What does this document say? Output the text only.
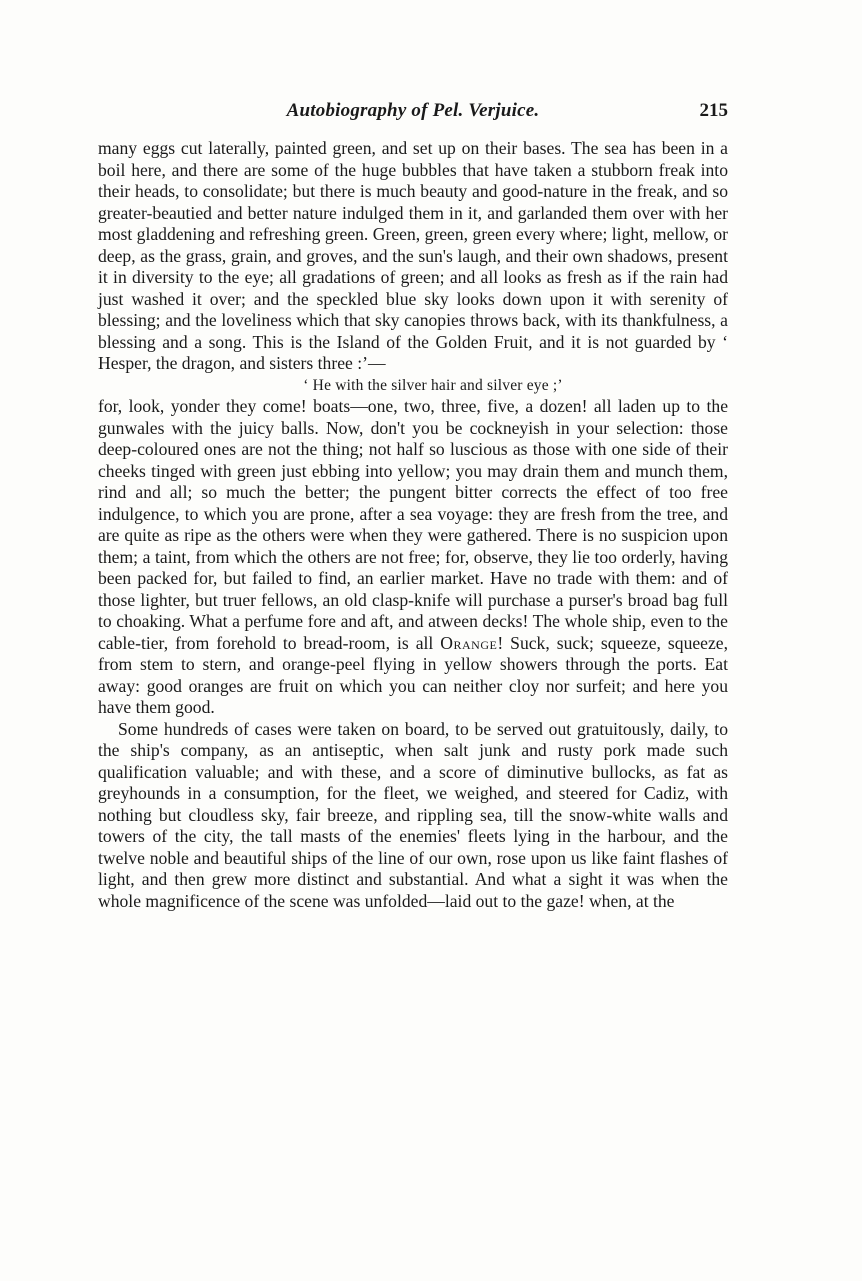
Autobiography of Pel. Verjuice.	215

many eggs cut laterally, painted green, and set up on their bases. The sea has been in a boil here, and there are some of the huge bubbles that have taken a stubborn freak into their heads, to consolidate; but there is much beauty and good-nature in the freak, and so greater-beautied and better nature indulged them in it, and garlanded them over with her most gladdening and refreshing green. Green, green, green every where; light, mellow, or deep, as the grass, grain, and groves, and the sun's laugh, and their own shadows, present it in diversity to the eye; all gradations of green; and all looks as fresh as if the rain had just washed it over; and the speckled blue sky looks down upon it with serenity of blessing; and the loveliness which that sky canopies throws back, with its thankfulness, a blessing and a song. This is the Island of the Golden Fruit, and it is not guarded by ‘ Hesper, the dragon, and sisters three :’—

‘ He with the silver hair and silver eye ;’

for, look, yonder they come! boats—one, two, three, five, a dozen! all laden up to the gunwales with the juicy balls. Now, don't you be cockneyish in your selection: those deep-coloured ones are not the thing; not half so luscious as those with one side of their cheeks tinged with green just ebbing into yellow; you may drain them and munch them, rind and all; so much the better; the pungent bitter corrects the effect of too free indulgence, to which you are prone, after a sea voyage: they are fresh from the tree, and are quite as ripe as the others were when they were gathered. There is no suspicion upon them; a taint, from which the others are not free; for, observe, they lie too orderly, having been packed for, but failed to find, an earlier market. Have no trade with them: and of those lighter, but truer fellows, an old clasp-knife will purchase a purser's broad bag full to choaking. What a perfume fore and aft, and atween decks! The whole ship, even to the cable-tier, from forehold to bread-room, is all Orange! Suck, suck; squeeze, squeeze, from stem to stern, and orange-peel flying in yellow showers through the ports. Eat away: good oranges are fruit on which you can neither cloy nor surfeit; and here you have them good.

Some hundreds of cases were taken on board, to be served out gratuitously, daily, to the ship's company, as an antiseptic, when salt junk and rusty pork made such qualification valuable; and with these, and a score of diminutive bullocks, as fat as greyhounds in a consumption, for the fleet, we weighed, and steered for Cadiz, with nothing but cloudless sky, fair breeze, and rippling sea, till the snow-white walls and towers of the city, the tall masts of the enemies' fleets lying in the harbour, and the twelve noble and beautiful ships of the line of our own, rose upon us like faint flashes of light, and then grew more distinct and substantial. And what a sight it was when the whole magnificence of the scene was unfolded—laid out to the gaze! when, at the
